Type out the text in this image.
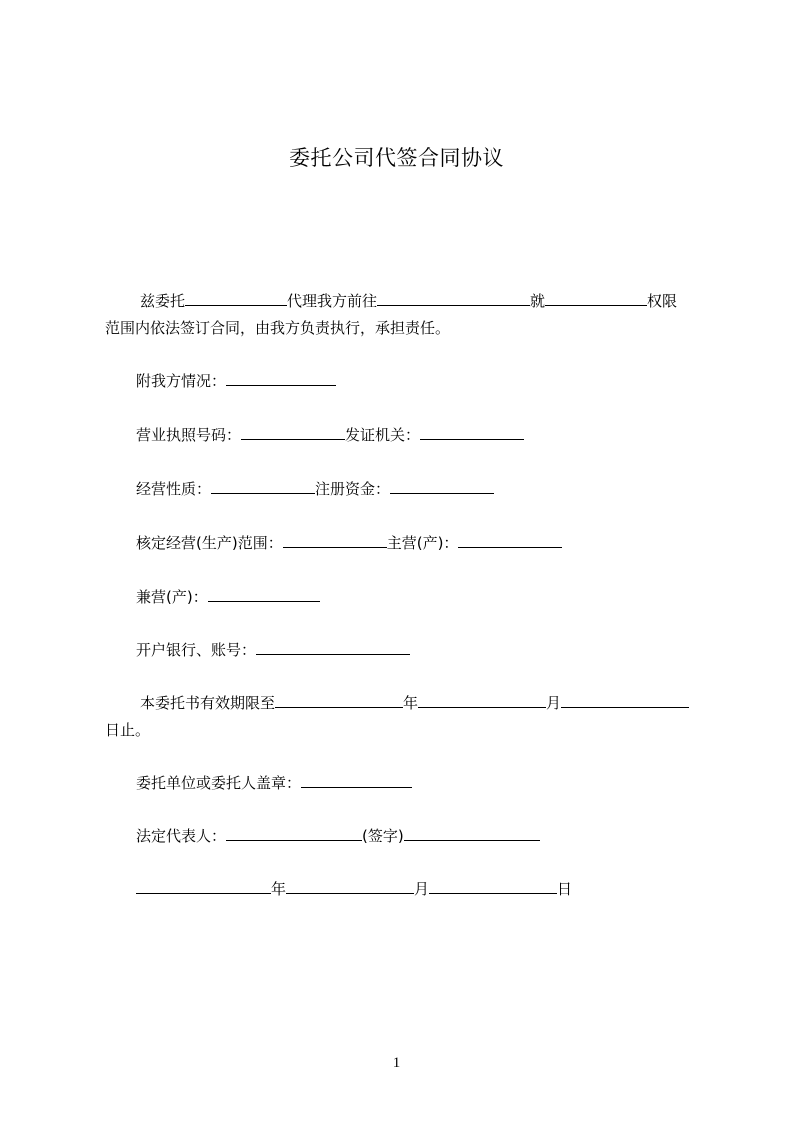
委托公司代签合同协议
兹委托	代理我方前往	就	权限
范围内依法签订合同，由我方负责执行，承担责任。
附我方情况：
营业执照号码：	发证机关：
经营性质：	注册资金：
核定经营(生产)范围：	主营(产)：
兼营(产)：
开户银行、账号：
本委托书有效期限至	年	月
日止。
委托单位或委托人盖章：
法定代表人：	(签字)
年	月	日
1
